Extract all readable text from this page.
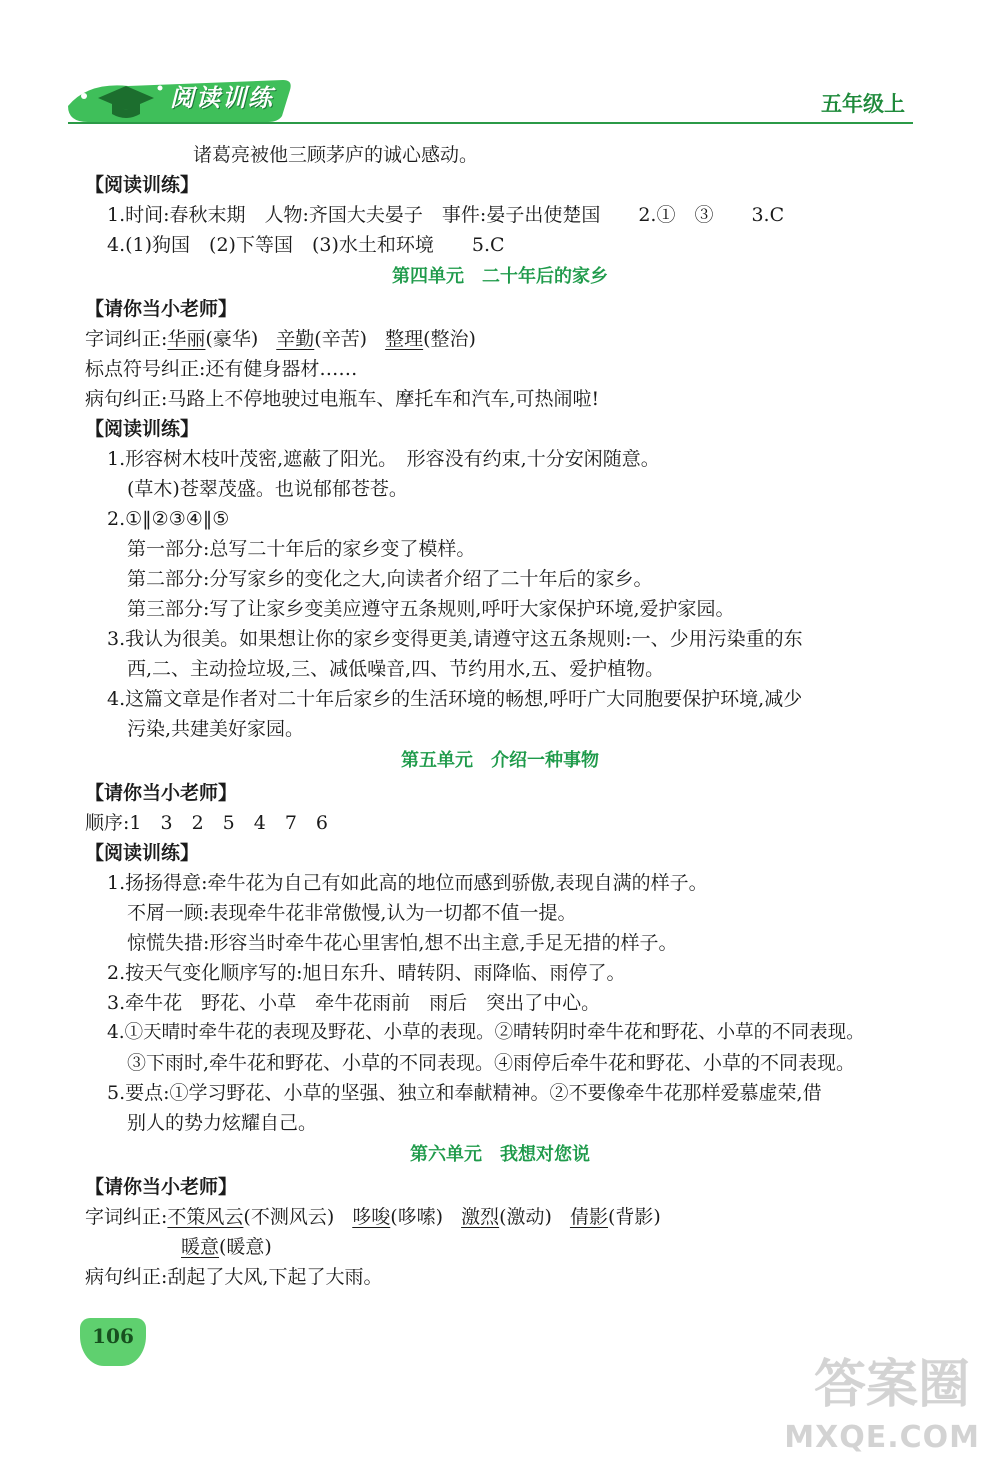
阅读训练	五年级上
诸葛亮被他三顾茅庐的诚心感动。
【阅读训练】
1.时间:春秋末期　人物:齐国大夫晏子　事件:晏子出使楚国　　2.①　③　　3.C
4.(1)狗国　(2)下等国　(3)水土和环境　　5.C
第四单元　二十年后的家乡
【请你当小老师】
字词纠正:华丽(豪华) 辛勤(辛苦) 整理(整治)
标点符号纠正:还有健身器材……
病句纠正:马路上不停地驶过电瓶车、摩托车和汽车,可热闹啦!
【阅读训练】
1.形容树木枝叶茂密,遮蔽了阳光。　形容没有约束,十分安闲随意。
(草木)苍翠茂盛。也说郁郁苍苍。
2.①‖②③④‖⑤
第一部分:总写二十年后的家乡变了模样。
第二部分:分写家乡的变化之大,向读者介绍了二十年后的家乡。
第三部分:写了让家乡变美应遵守五条规则,呼吁大家保护环境,爱护家园。
3.我认为很美。如果想让你的家乡变得更美,请遵守这五条规则:一、少用污染重的东
西,二、主动捡垃圾,三、减低噪音,四、节约用水,五、爱护植物。
4.这篇文章是作者对二十年后家乡的生活环境的畅想,呼吁广大同胞要保护环境,减少
污染,共建美好家园。
第五单元　介绍一种事物
【请你当小老师】
顺序:1　3　2　5　4　7　6
【阅读训练】
1.扬扬得意:牵牛花为自己有如此高的地位而感到骄傲,表现自满的样子。
不屑一顾:表现牵牛花非常傲慢,认为一切都不值一提。
惊慌失措:形容当时牵牛花心里害怕,想不出主意,手足无措的样子。
2.按天气变化顺序写的:旭日东升、晴转阴、雨降临、雨停了。
3.牵牛花　野花、小草　牵牛花雨前　雨后　突出了中心。
4.①天晴时牵牛花的表现及野花、小草的表现。②晴转阴时牵牛花和野花、小草的不同表现。
③下雨时,牵牛花和野花、小草的不同表现。④雨停后牵牛花和野花、小草的不同表现。
5.要点:①学习野花、小草的坚强、独立和奉献精神。②不要像牵牛花那样爱慕虚荣,借
别人的势力炫耀自己。
第六单元　我想对您说
【请你当小老师】
字词纠正:不策风云(不测风云) 哆唆(哆嗦) 激烈(激动) 倩影(背影)
暖意(暖意)
病句纠正:刮起了大风,下起了大雨。
106
答案圈
MXQE.COM
